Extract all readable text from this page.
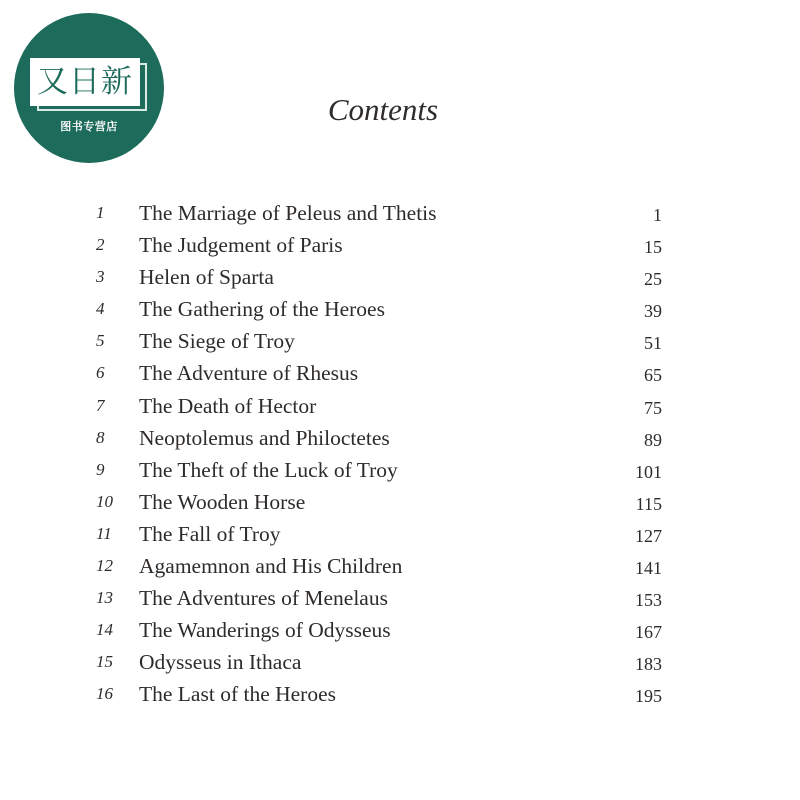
又日新
图书专营店	Contents
1	The Marriage of Peleus and Thetis	1
2	The Judgement of Paris	15
3	Helen of Sparta	25
4	The Gathering of the Heroes	39
5	The Siege of Troy	51
6	The Adventure of Rhesus	65
7	The Death of Hector	75
8	Neoptolemus and Philoctetes	89
9	The Theft of the Luck of Troy	101
10	The Wooden Horse	115
11	The Fall of Troy	127
12	Agamemnon and His Children	141
13	The Adventures of Menelaus	153
14	The Wanderings of Odysseus	167
15	Odysseus in Ithaca	183
16	The Last of the Heroes	195
